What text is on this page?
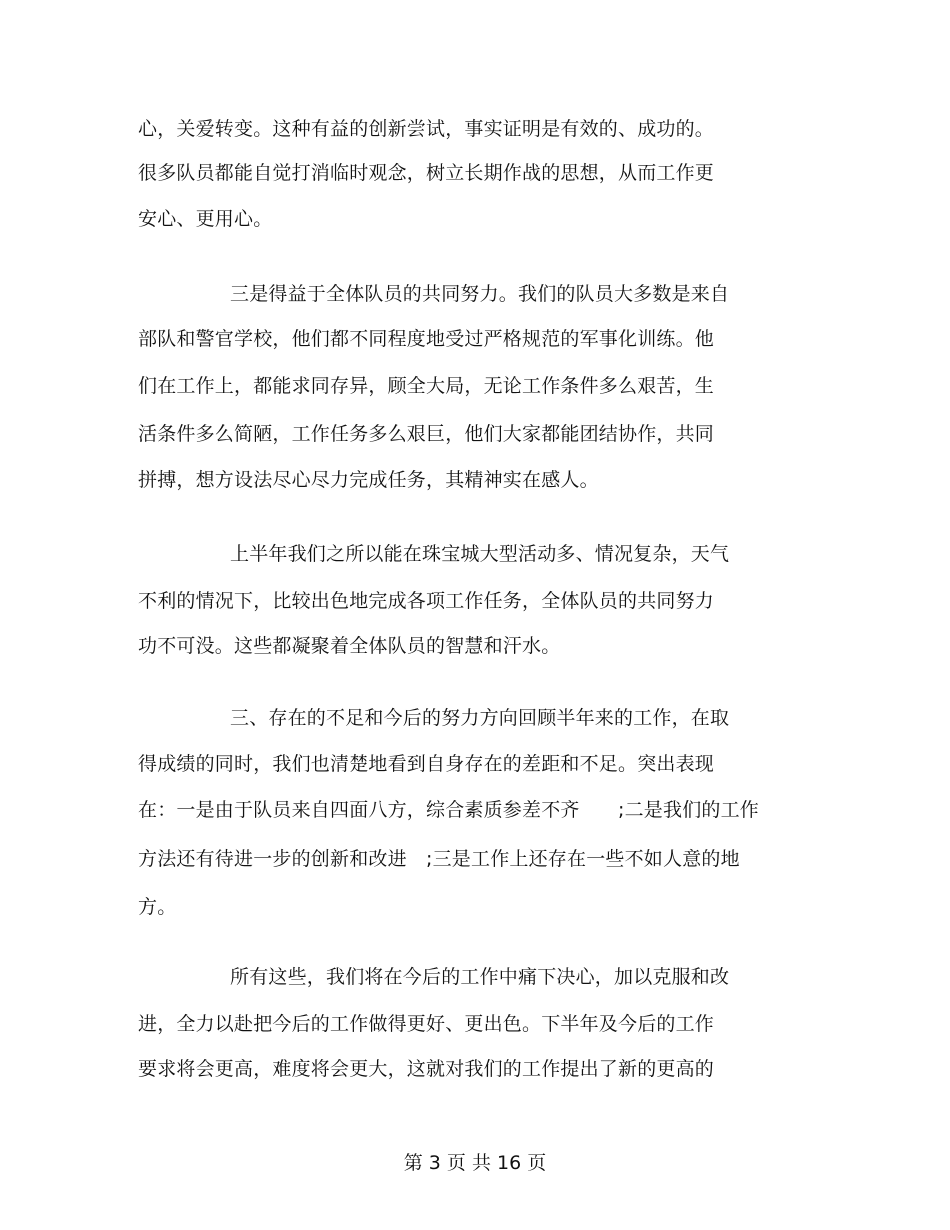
心，关爱转变。这种有益的创新尝试，事实证明是有效的、成功的。
很多队员都能自觉打消临时观念，树立长期作战的思想，从而工作更
安心、更用心。
三是得益于全体队员的共同努力。我们的队员大多数是来自
部队和警官学校，他们都不同程度地受过严格规范的军事化训练。他
们在工作上，都能求同存异，顾全大局，无论工作条件多么艰苦，生
活条件多么简陋，工作任务多么艰巨，他们大家都能团结协作，共同
拼搏，想方设法尽心尽力完成任务，其精神实在感人。
上半年我们之所以能在珠宝城大型活动多、情况复杂，天气
不利的情况下，比较出色地完成各项工作任务，全体队员的共同努力
功不可没。这些都凝聚着全体队员的智慧和汗水。
三、存在的不足和今后的努力方向回顾半年来的工作，在取
得成绩的同时，我们也清楚地看到自身存在的差距和不足。突出表现
在：一是由于队员来自四面八方，综合素质参差不齐　　;二是我们的工作
方法还有待进一步的创新和改进　;三是工作上还存在一些不如人意的地
方。
所有这些，我们将在今后的工作中痛下决心，加以克服和改
进，全力以赴把今后的工作做得更好、更出色。下半年及今后的工作
要求将会更高，难度将会更大，这就对我们的工作提出了新的更高的
第 3 页 共 16 页
